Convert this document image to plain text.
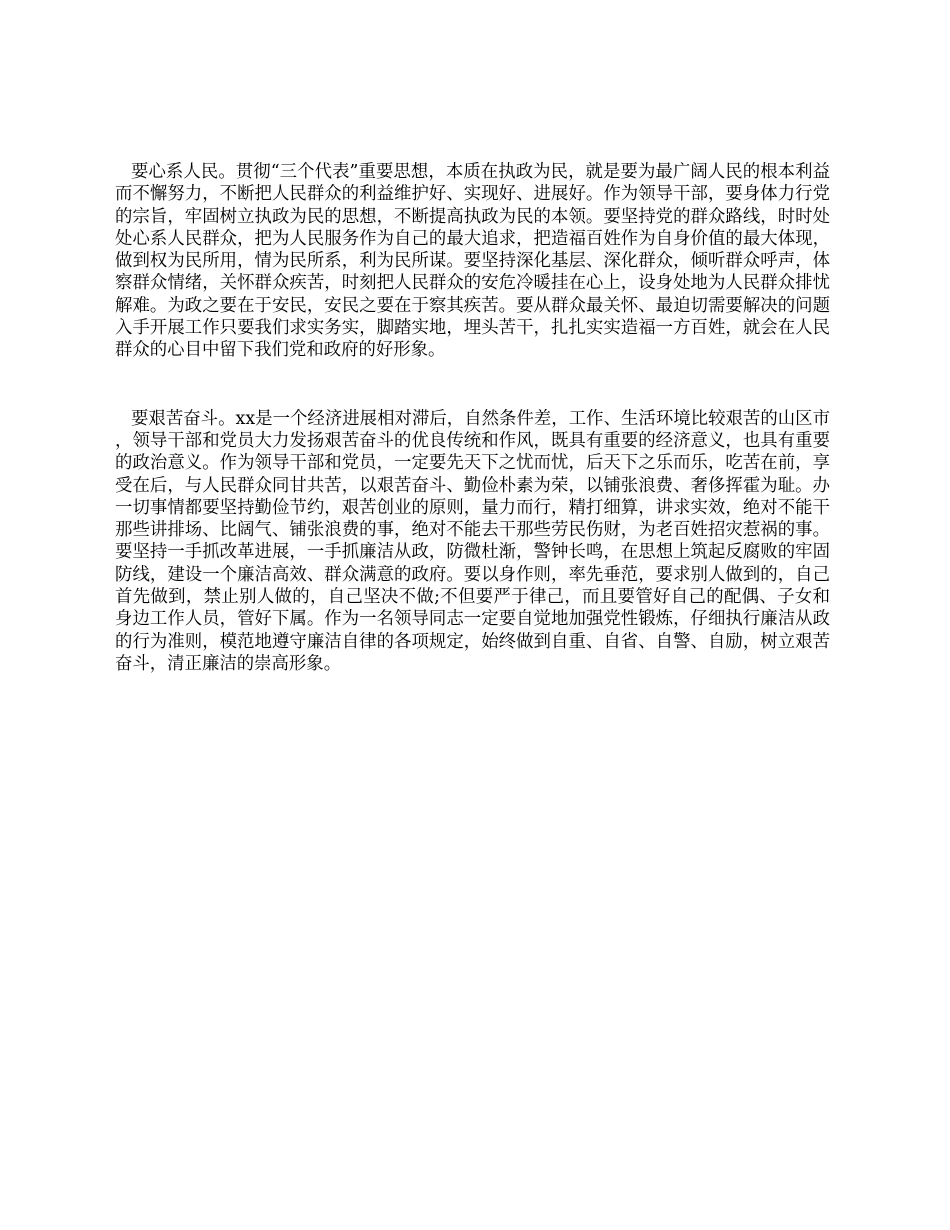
要心系人民。贯彻“三个代表”重要思想，本质在执政为民，就是要为最广阔人民的根本利益而不懈努力，不断把人民群众的利益维护好、实现好、进展好。作为领导干部，要身体力行党的宗旨，牢固树立执政为民的思想，不断提高执政为民的本领。要坚持党的群众路线，时时处处心系人民群众，把为人民服务作为自己的最大追求，把造福百姓作为自身价值的最大体现，做到权为民所用，情为民所系，利为民所谋。要坚持深化基层、深化群众，倾听群众呼声，体察群众情绪，关怀群众疾苦，时刻把人民群众的安危冷暖挂在心上，设身处地为人民群众排忧解难。为政之要在于安民，安民之要在于察其疾苦。要从群众最关怀、最迫切需要解决的问题入手开展工作只要我们求实务实，脚踏实地，埋头苦干，扎扎实实造福一方百姓，就会在人民群众的心目中留下我们党和政府的好形象。

要艰苦奋斗。xx是一个经济进展相对滞后，自然条件差，工作、生活环境比较艰苦的山区市，领导干部和党员大力发扬艰苦奋斗的优良传统和作风，既具有重要的经济意义，也具有重要的政治意义。作为领导干部和党员，一定要先天下之忧而忧，后天下之乐而乐，吃苦在前，享受在后，与人民群众同甘共苦，以艰苦奋斗、勤俭朴素为荣，以铺张浪费、奢侈挥霍为耻。办一切事情都要坚持勤俭节约，艰苦创业的原则，量力而行，精打细算，讲求实效，绝对不能干那些讲排场、比阔气、铺张浪费的事，绝对不能去干那些劳民伤财，为老百姓招灾惹祸的事。要坚持一手抓改革进展，一手抓廉洁从政，防微杜渐，警钟长鸣，在思想上筑起反腐败的牢固防线，建设一个廉洁高效、群众满意的政府。要以身作则，率先垂范，要求别人做到的，自己首先做到，禁止别人做的，自己坚决不做;不但要严于律己，而且要管好自己的配偶、子女和身边工作人员，管好下属。作为一名领导同志一定要自觉地加强党性锻炼，仔细执行廉洁从政的行为准则，模范地遵守廉洁自律的各项规定，始终做到自重、自省、自警、自励，树立艰苦奋斗，清正廉洁的崇高形象。
